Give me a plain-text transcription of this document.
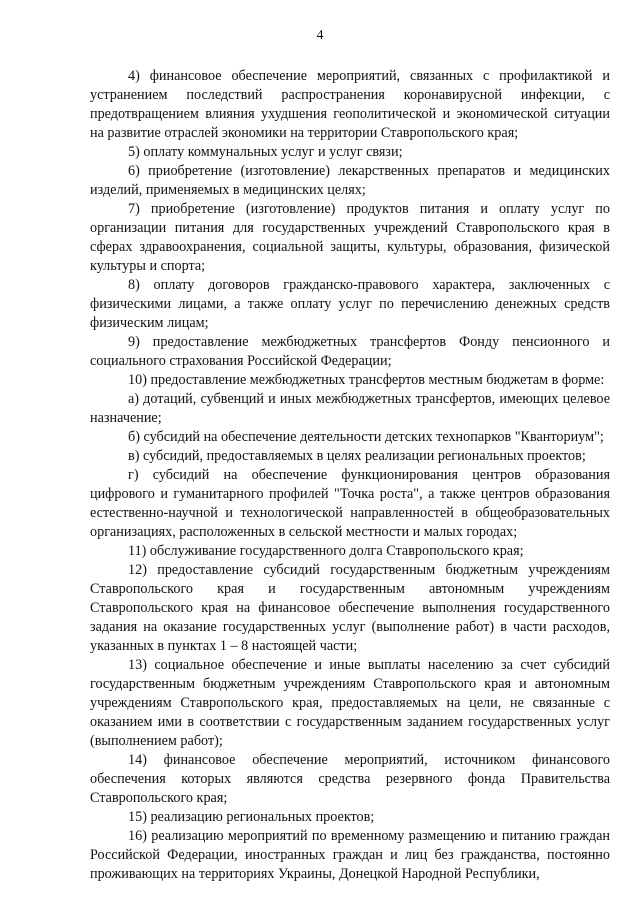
4

4) финансовое обеспечение мероприятий, связанных с профилактикой и устранением последствий распространения коронавирусной инфекции, с предотвращением влияния ухудшения геополитической и экономической ситуации на развитие отраслей экономики на территории Ставропольского края;

5) оплату коммунальных услуг и услуг связи;

6) приобретение (изготовление) лекарственных препаратов и медицинских изделий, применяемых в медицинских целях;

7) приобретение (изготовление) продуктов питания и оплату услуг по организации питания для государственных учреждений Ставропольского края в сферах здравоохранения, социальной защиты, культуры, образования, физической культуры и спорта;

8) оплату договоров гражданско-правового характера, заключенных с физическими лицами, а также оплату услуг по перечислению денежных средств физическим лицам;

9) предоставление межбюджетных трансфертов Фонду пенсионного и социального страхования Российской Федерации;

10) предоставление межбюджетных трансфертов местным бюджетам в форме:

а) дотаций, субвенций и иных межбюджетных трансфертов, имеющих целевое назначение;

б) субсидий на обеспечение деятельности детских технопарков "Кванториум";

в) субсидий, предоставляемых в целях реализации региональных проектов;

г) субсидий на обеспечение функционирования центров образования цифрового и гуманитарного профилей "Точка роста", а также центров образования естественно-научной и технологической направленностей в общеобразовательных организациях, расположенных в сельской местности и малых городах;

11) обслуживание государственного долга Ставропольского края;

12) предоставление субсидий государственным бюджетным учреждениям Ставропольского края и государственным автономным учреждениям Ставропольского края на финансовое обеспечение выполнения государственного задания на оказание государственных услуг (выполнение работ) в части расходов, указанных в пунктах 1 – 8 настоящей части;

13) социальное обеспечение и иные выплаты населению за счет субсидий государственным бюджетным учреждениям Ставропольского края и автономным учреждениям Ставропольского края, предоставляемых на цели, не связанные с оказанием ими в соответствии с государственным заданием государственных услуг (выполнением работ);

14) финансовое обеспечение мероприятий, источником финансового обеспечения которых являются средства резервного фонда Правительства Ставропольского края;

15) реализацию региональных проектов;

16) реализацию мероприятий по временному размещению и питанию граждан Российской Федерации, иностранных граждан и лиц без гражданства, постоянно проживающих на территориях Украины, Донецкой Народной Республики,
